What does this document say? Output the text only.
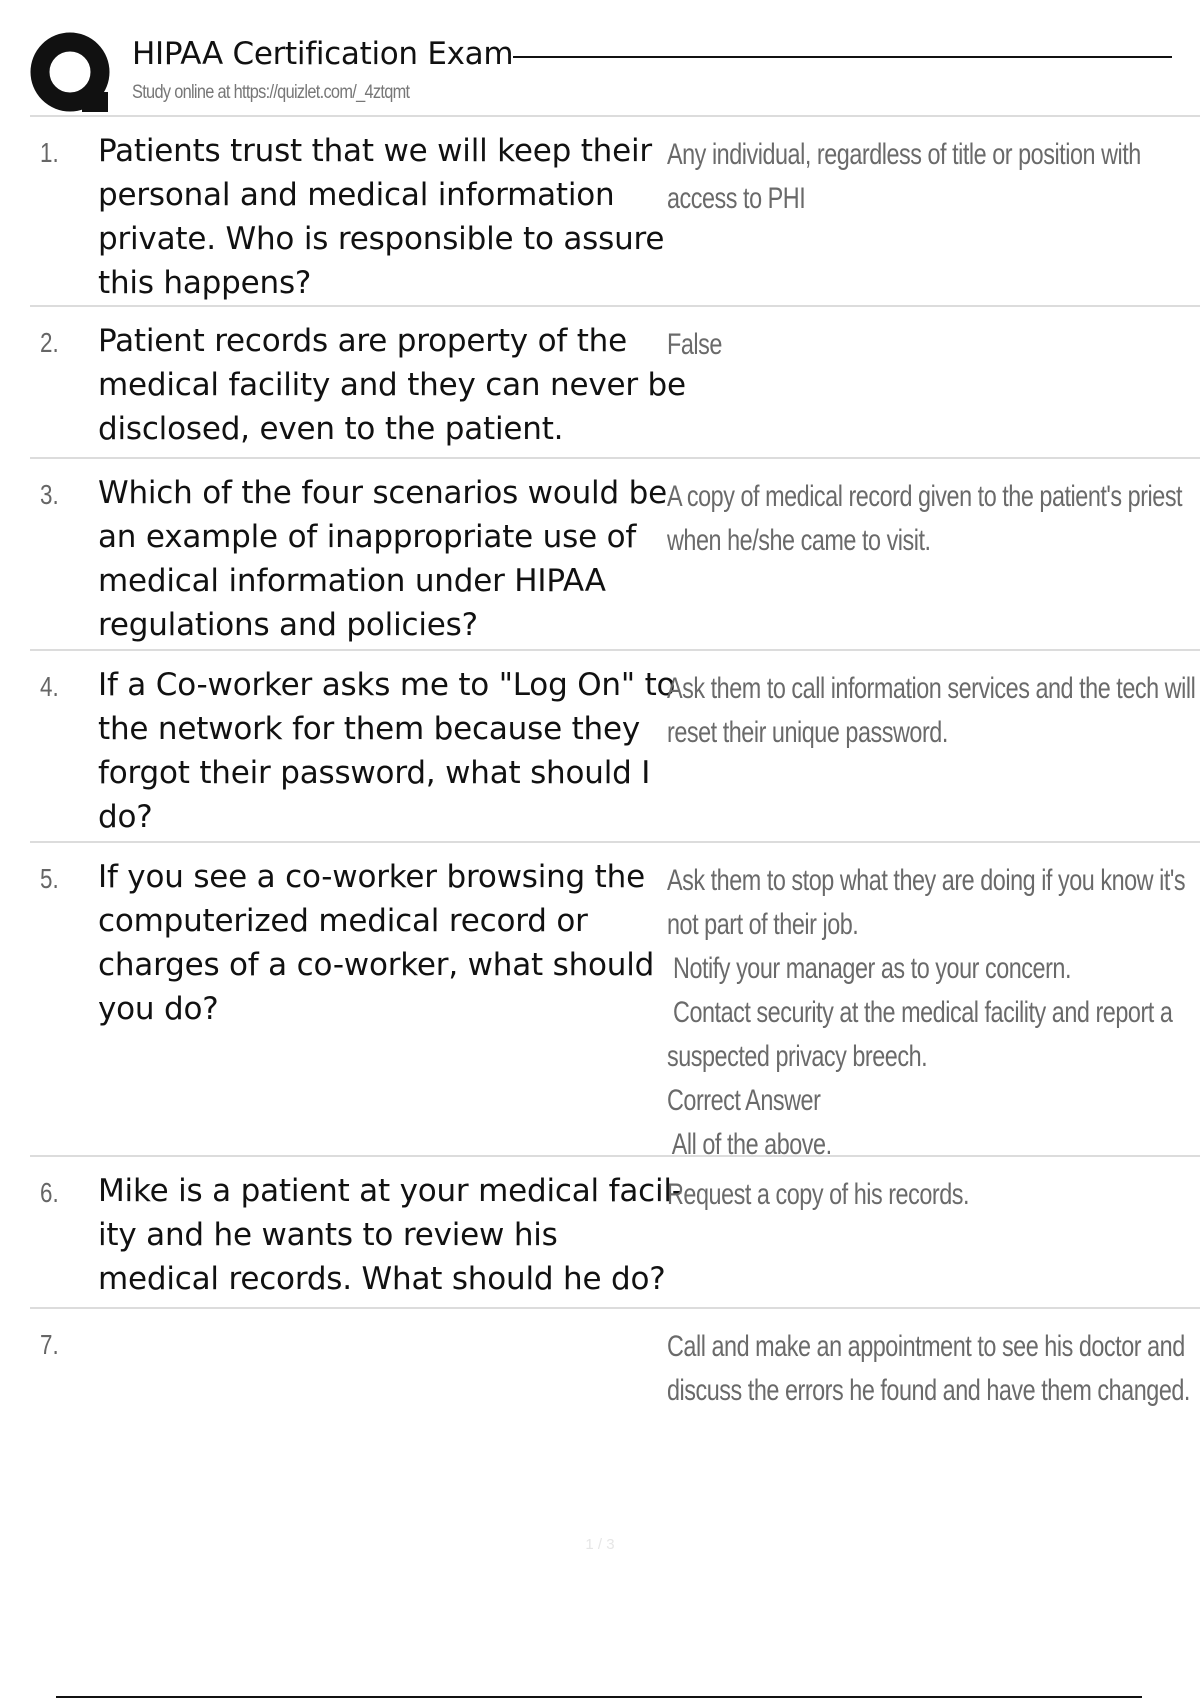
HIPAA Certification Exam
Study online at https://quizlet.com/_4ztqmt
1. Patients trust that we will keep their personal and medical information private. Who is responsible to assure this happens?
Any individual, regardless of title or position with
access to PHI
2. Patient records are property of the medical facility and they can never be disclosed, even to the patient.
False
3. Which of the four scenarios would be an example of inappropriate use of medical information under HIPAA regulations and policies?
A copy of medical record given to the patient's priest
when he/she came to visit.
4. If a Co-worker asks me to "Log On" to the network for them because they forgot their password, what should I do?
Ask them to call information services and the tech will
reset their unique password.
5. If you see a co-worker browsing the computerized medical record or charges of a co-worker, what should you do?
Ask them to stop what they are doing if you know it's
not part of their job.
Notify your manager as to your concern.
Contact security at the medical facility and report a
suspected privacy breech.
Correct Answer
All of the above.
6. Mike is a patient at your medical facil- ity and he wants to review his medical records. What should he do?
Request a copy of his records.
7.	Call and make an appointment to see his doctor and
discuss the errors he found and have them changed.
1 / 3
